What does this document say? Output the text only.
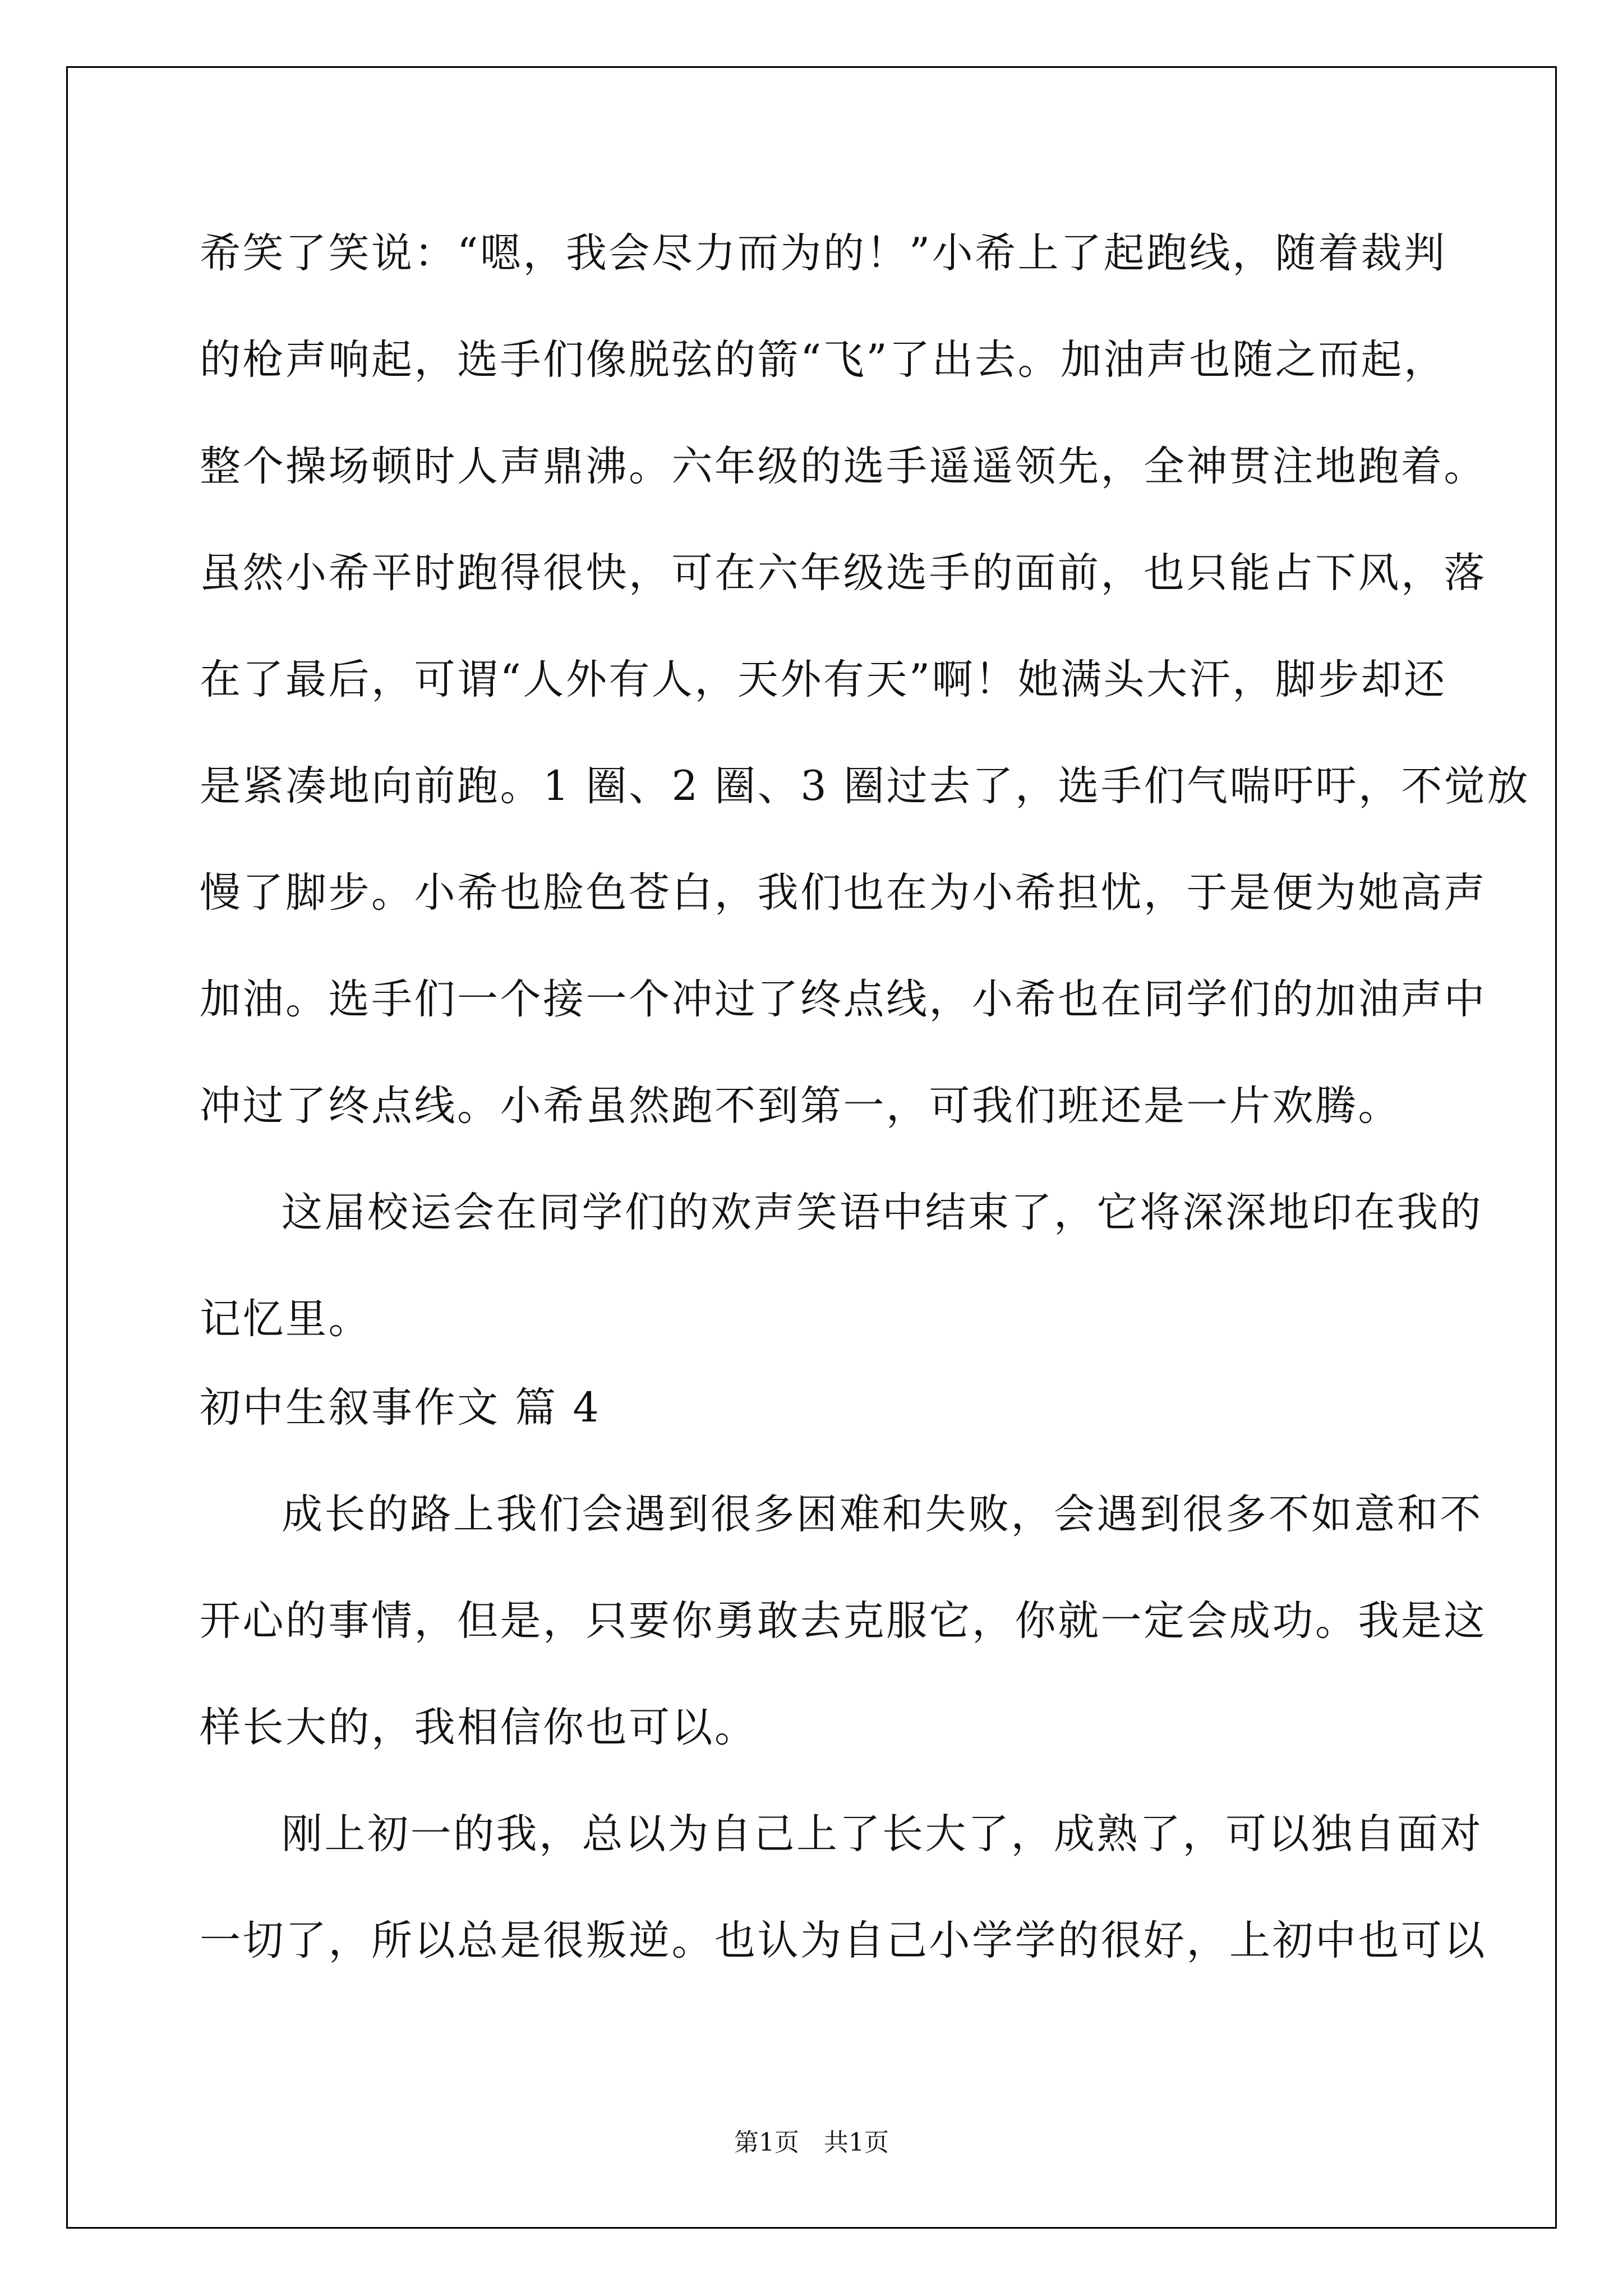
希笑了笑说：“嗯，我会尽力而为的！”小希上了起跑线，随着裁判
的枪声响起，选手们像脱弦的箭“飞”了出去。加油声也随之而起，
整个操场顿时人声鼎沸。六年级的选手遥遥领先，全神贯注地跑着。
虽然小希平时跑得很快，可在六年级选手的面前，也只能占下风，落
在了最后，可谓“人外有人，天外有天”啊！她满头大汗，脚步却还
是紧凑地向前跑。1 圈、2 圈、3 圈过去了，选手们气喘吁吁，不觉放
慢了脚步。小希也脸色苍白，我们也在为小希担忧，于是便为她高声
加油。选手们一个接一个冲过了终点线，小希也在同学们的加油声中
冲过了终点线。小希虽然跑不到第一，可我们班还是一片欢腾。
这届校运会在同学们的欢声笑语中结束了，它将深深地印在我的
记忆里。
初中生叙事作文 篇 4
成长的路上我们会遇到很多困难和失败，会遇到很多不如意和不
开心的事情，但是，只要你勇敢去克服它，你就一定会成功。我是这
样长大的，我相信你也可以。
刚上初一的我，总以为自己上了长大了，成熟了，可以独自面对
一切了，所以总是很叛逆。也认为自己小学学的很好，上初中也可以
第1页　共1页
